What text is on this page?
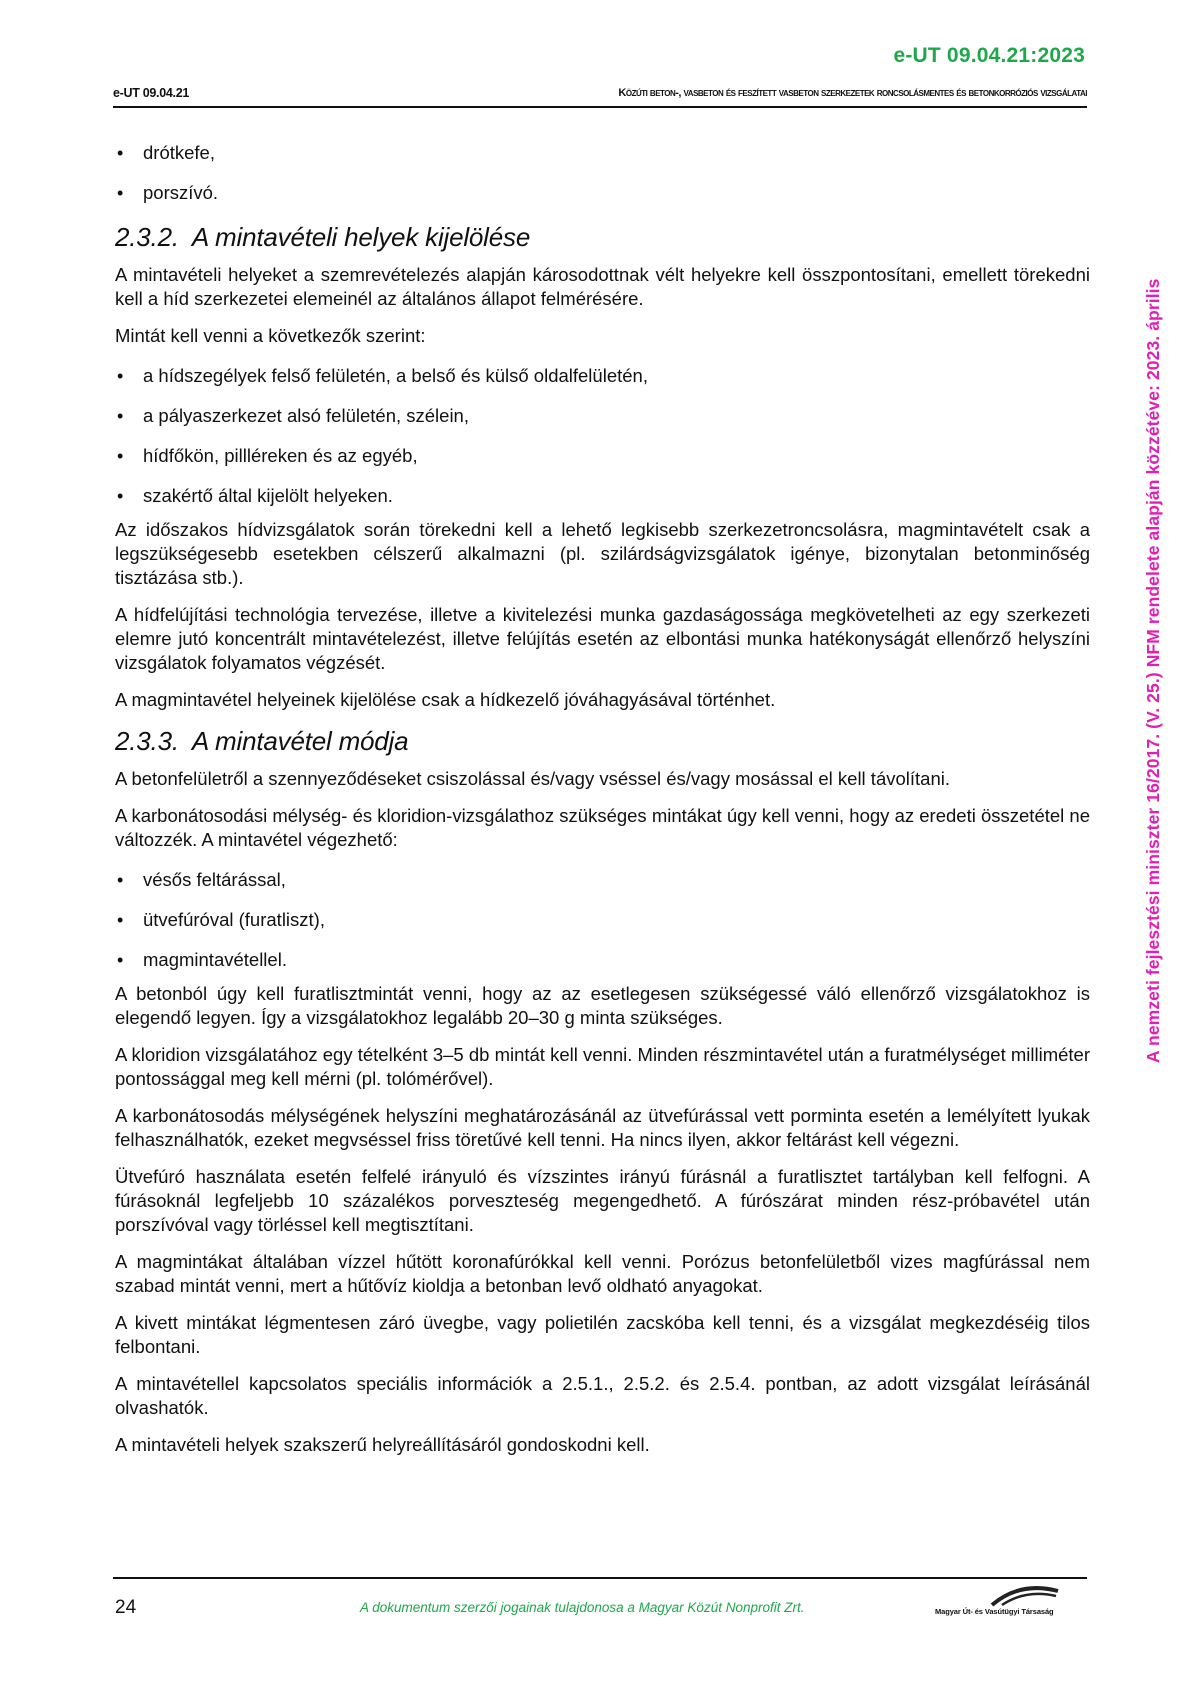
e-UT 09.04.21:2023
e-UT 09.04.21	Közúti beton-, vasbeton és feszített vasbeton szerkezetek roncsolásmentes és betonkorróziós vizsgálatai
A nemzeti fejlesztési miniszter 16/2017. (V. 25.) NFM rendelete alapján közzétéve: 2023. április
• drótkefe,
• porszívó.
2.3.2. A mintavételi helyek kijelölése

A mintavételi helyeket a szemrevételezés alapján károsodottnak vélt helyekre kell összpontosítani, emellett törekedni kell a híd szerkezetei elemeinél az általános állapot felmérésére.

Mintát kell venni a következők szerint:

• a hídszegélyek felső felületén, a belső és külső oldalfelületén,
• a pályaszerkezet alsó felületén, szélein,
• hídfőkön, pillléreken és az egyéb,
• szakértő által kijelölt helyeken.

Az időszakos hídvizsgálatok során törekedni kell a lehető legkisebb szerkezetroncsolásra, magmintavételt csak a legszükségesebb esetekben célszerű alkalmazni (pl. szilárdságvizsgálatok igénye, bizonytalan betonminőség tisztázása stb.).

A hídfelújítási technológia tervezése, illetve a kivitelezési munka gazdaságossága megkövetelheti az egy szerkezeti elemre jutó koncentrált mintavételezést, illetve felújítás esetén az elbontási munka hatékonyságát ellenőrző helyszíni vizsgálatok folyamatos végzését.

A magmintavétel helyeinek kijelölése csak a hídkezelő jóváhagyásával történhet.

2.3.3. A mintavétel módja

A betonfelületről a szennyeződéseket csiszolással és/vagy vséssel és/vagy mosással el kell távolítani.

A karbonátosodási mélység- és kloridion-vizsgálathoz szükséges mintákat úgy kell venni, hogy az eredeti összetétel ne változzék. A mintavétel végezhető:

• vésős feltárással,
• ütvefúróval (furatliszt),
• magmintavétellel.

A betonból úgy kell furatlisztmintát venni, hogy az az esetlegesen szükségessé váló ellenőrző vizsgálatokhoz is elegendő legyen. Így a vizsgálatokhoz legalább 20–30 g minta szükséges.

A kloridion vizsgálatához egy tételként 3–5 db mintát kell venni. Minden részmintavétel után a furatmélységet milliméter pontossággal meg kell mérni (pl. tolómérővel).

A karbonátosodás mélységének helyszíni meghatározásánál az ütvefúrással vett porminta esetén a lemélyített lyukak felhasználhatók, ezeket megvséssel friss töretűvé kell tenni. Ha nincs ilyen, akkor feltárást kell végezni.

Ütvefúró használata esetén felfelé irányuló és vízszintes irányú fúrásnál a furatlisztet tartályban kell felfogni. A fúrásoknál legfeljebb 10 százalékos porveszteség megengedhető. A fúrószárat minden rész-próbavétel után porszívóval vagy törléssel kell megtisztítani.

A magmintákat általában vízzel hűtött koronafúrókkal kell venni. Porózus betonfelületből vizes magfúrással nem szabad mintát venni, mert a hűtővíz kioldja a betonban levő oldható anyagokat.

A kivett mintákat légmentesen záró üvegbe, vagy polietilén zacskóba kell tenni, és a vizsgálat megkezdéséig tilos felbontani.

A mintavétellel kapcsolatos speciális információk a 2.5.1., 2.5.2. és 2.5.4. pontban, az adott vizsgálat leírásánál olvashatók.

A mintavételi helyek szakszerű helyreállításáról gondoskodni kell.

24	A dokumentum szerzői jogainak tulajdonosa a Magyar Közút Nonprofit Zrt.	Magyar Út- és Vasútügyi Társaság
